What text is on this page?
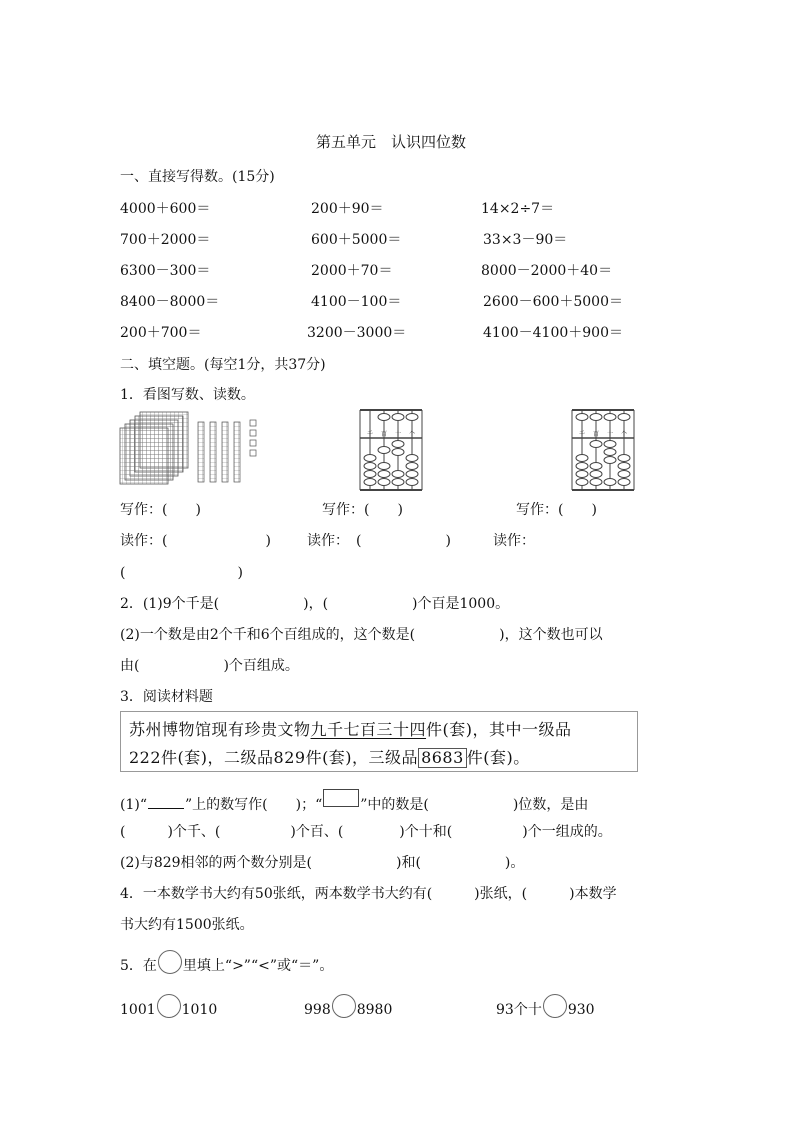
第五单元　认识四位数
一、直接写得数。(15分)
4000＋600＝	200＋90＝	14×2÷7＝
700＋2000＝	600＋5000＝	33×3－90＝
6300－300＝	2000＋70＝	8000－2000＋40＝
8400－8000＝	4100－100＝	2600－600＋5000＝
200＋700＝	3200－3000＝	4100－4100＋900＝
二、填空题。(每空1分，共37分)
1．看图写数、读数。
千 百 十 个	千 百 十 个
写作：(　　)	写作：(　　)	写作：(　　)
读作：(　　　　　　　)	读作：　(　　　　　　)	读作：
(　　　　　　　　)
2．(1)9个千是(　　　　　　)，(　　　　　　)个百是1000。
(2)一个数是由2个千和6个百组成的，这个数是(　　　　　　)，这个数也可以
由(　　　　　　)个百组成。
3．阅读材料题
苏州博物馆现有珍贵文物九千七百三十四件(套)，其中一级品
222件(套)，二级品829件(套)，三级品 8683 件(套)。
(1)“	”上的数写作(　　)；“	”中的数是(　　　　　　)位数，是由
(　　　)个千、(　　　　　)个百、(　　　　)个十和(　　　　　)个一组成的。
(2)与829相邻的两个数分别是(　　　　　　)和(　　　　　　)。
4．一本数学书大约有50张纸，两本数学书大约有(　　　)张纸，(　　　)本数学
书大约有1500张纸。
5．在 里填上“>”“<”或“＝”。
1001 1010	998 8980	93个十 930
